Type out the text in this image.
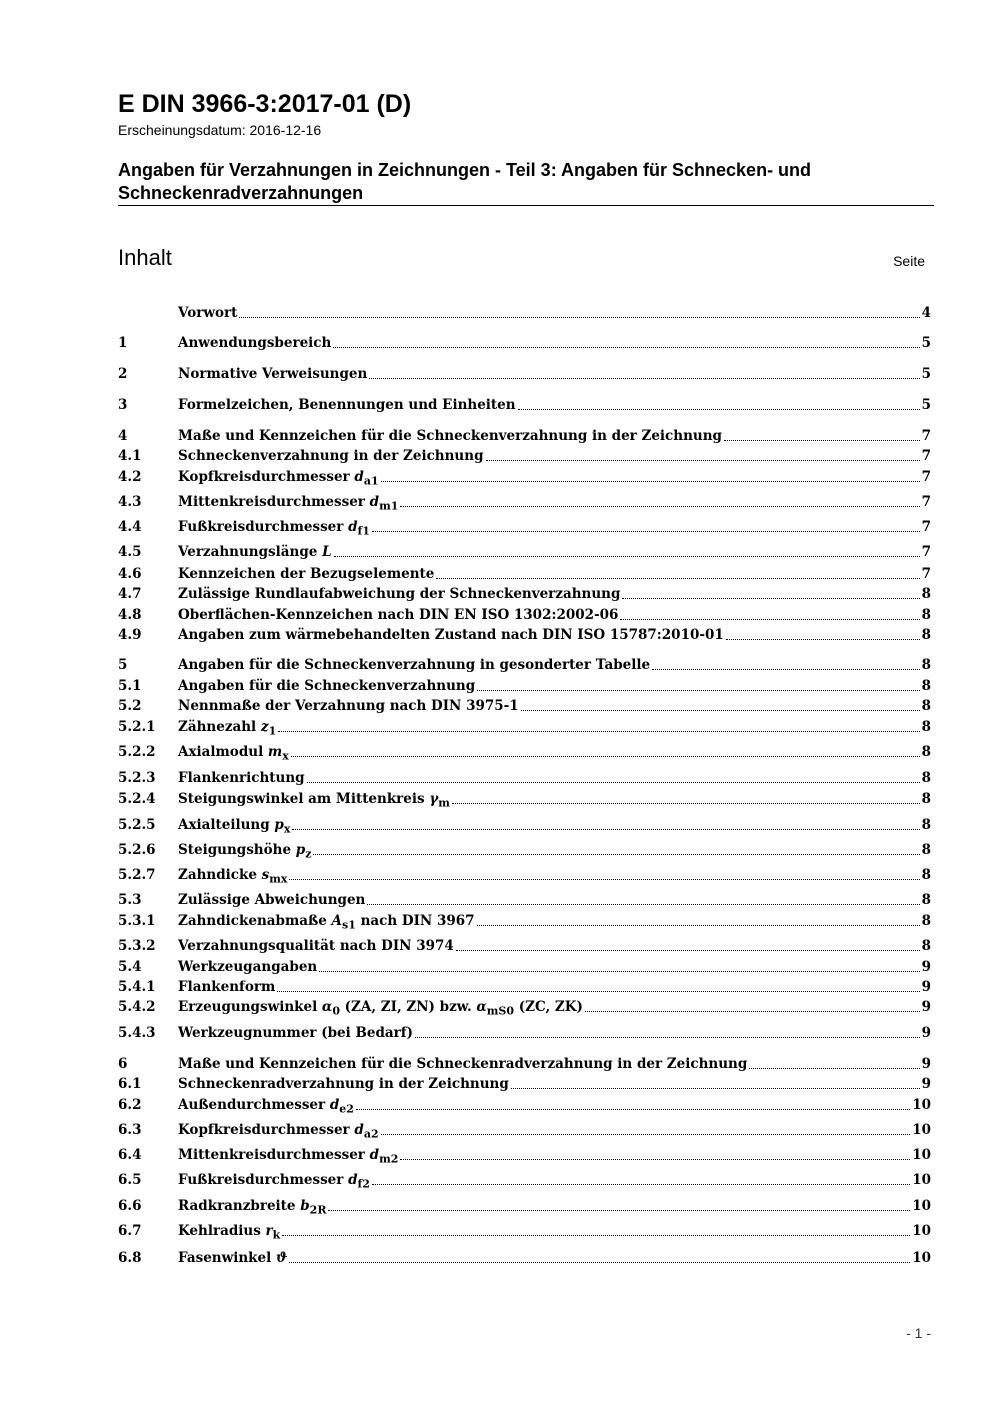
E DIN 3966-3:2017-01 (D)
Erscheinungsdatum: 2016-12-16
Angaben für Verzahnungen in Zeichnungen - Teil 3: Angaben für Schnecken- und Schneckenradverzahnungen
Inhalt	Seite
Vorwort	4
1	Anwendungsbereich	5
2	Normative Verweisungen	5
3	Formelzeichen, Benennungen und Einheiten	5
4	Maße und Kennzeichen für die Schneckenverzahnung in der Zeichnung	7
4.1	Schneckenverzahnung in der Zeichnung	7
4.2	Kopfkreisdurchmesser $d_{a1}$	7
4.3	Mittenkreisdurchmesser $d_{m1}$	7
4.4	Fußkreisdurchmesser $d_{f1}$	7
4.5	Verzahnungslänge L	7
4.6	Kennzeichen der Bezugselemente	7
4.7	Zulässige Rundlaufabweichung der Schneckenverzahnung	8
4.8	Oberflächen-Kennzeichen nach DIN EN ISO 1302:2002-06	8
4.9	Angaben zum wärmebehandelten Zustand nach DIN ISO 15787:2010-01	8
5	Angaben für die Schneckenverzahnung in gesonderter Tabelle	8
5.1	Angaben für die Schneckenverzahnung	8
5.2	Nennmaße der Verzahnung nach DIN 3975-1	8
5.2.1	Zähnezahl $z_1$	8
5.2.2	Axialmodul $m_x$	8
5.2.3	Flankenrichtung	8
5.2.4	Steigungswinkel am Mittenkreis $\gamma_m$	8
5.2.5	Axialteilung $p_x$	8
5.2.6	Steigungshöhe $p_z$	8
5.2.7	Zahndicke $s_{mx}$	8
5.3	Zulässige Abweichungen	8
5.3.1	Zahndickenabmaße $A_{s1}$ nach DIN 3967	8
5.3.2	Verzahnungsqualität nach DIN 3974	8
5.4	Werkzeugangaben	9
5.4.1	Flankenform	9
5.4.2	Erzeugungswinkel $\alpha_0$ (ZA, ZI, ZN) bzw. $\alpha_{mS0}$ (ZC, ZK)	9
5.4.3	Werkzeugnummer (bei Bedarf)	9
6	Maße und Kennzeichen für die Schneckenradverzahnung in der Zeichnung	9
6.1	Schneckenradverzahnung in der Zeichnung	9
6.2	Außendurchmesser $d_{e2}$	10
6.3	Kopfkreisdurchmesser $d_{a2}$	10
6.4	Mittenkreisdurchmesser $d_{m2}$	10
6.5	Fußkreisdurchmesser $d_{f2}$	10
6.6	Radkranzbreite $b_{2R}$	10
6.7	Kehlradius $r_k$	10
6.8	Fasenwinkel ϑ	10
- 1 -
